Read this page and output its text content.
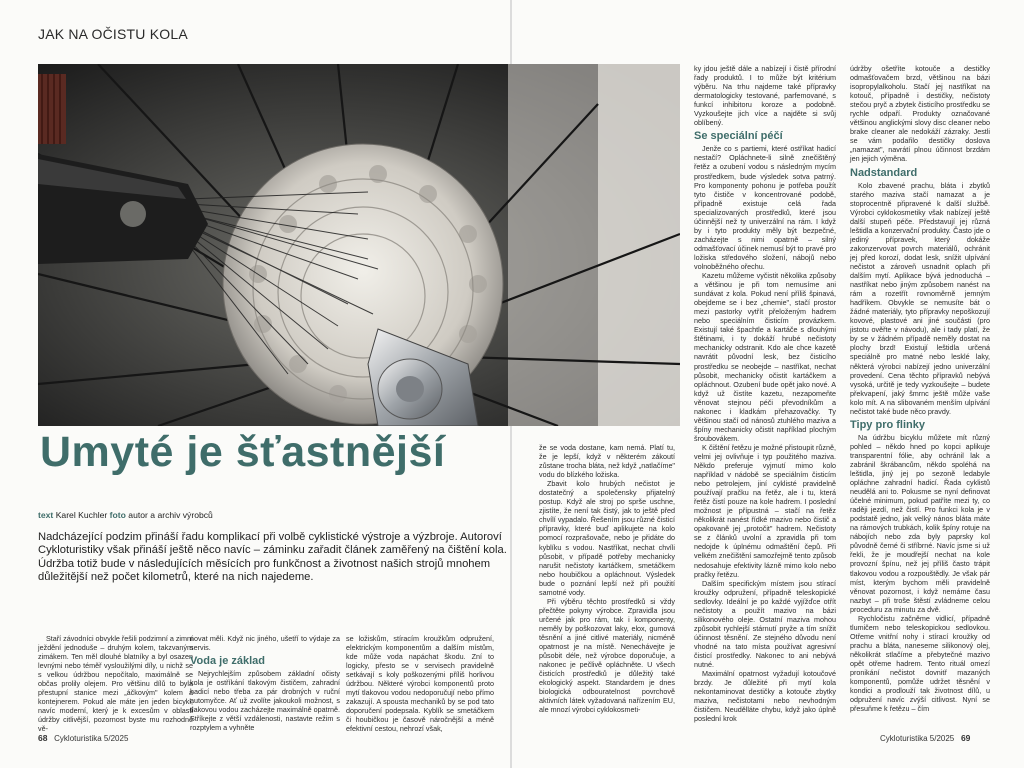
JAK NA OČISTU KOLA
Umyté je šťastnější
text Karel Kuchler foto autor a archiv výrobců
Nadcházející podzim přináší řadu komplikací při volbě cyklistické výstroje a výzbroje. Autoroví Cykloturistiky však přináší ještě něco navíc – záminku zařadit článek zaměřený na čištění kola. Údržba totiž bude v následujících měsících pro funkčnost a životnost našich strojů mnohem důležitější než počet kilometrů, které na nich najedeme.

Staří závodníci obvykle řešili podzimní a zimní ježdění jednoduše – druhým kolem, takzvaným zimákem. Ten měl dlouhé blatníky a byl osazen levnými nebo téměř vysloužilými díly, u nichž se s velkou údržbou nepočítalo, maximálně se občas prolily olejem. Pro většinu dílů to byla přestupní stanice mezi „áčkovým" kolem a kontejnerem. Pokud ale máte jen jeden bicykl, navíc moderní, který je k excesům v oblasti údržby citlivější, pozornost byste mu rozhodně vě-

novat měli. Když nic jiného, ušetří to výdaje za servis.

Voda je základ

Nejrychlejším způsobem základní očisty kola je ostříkání tlakovým čističem, zahradní hadicí nebo třeba za pár drobných v ruční automyčce. Ať už zvolíte jakoukoli možnost, s tlakovou vodou zacházejte maximálně opatrně. Stříkejte z větší vzdálenosti, nastavte režim s rozptylem a vyhněte

se ložiskům, stíracím kroužkům odpružení, elektrickým komponentům a dalším místům, kde může voda napáchat škodu. Zní to logicky, přesto se v servisech pravidelně setkávají s koly poškozenými příliš horlivou údržbou. Některé výrobci komponentů proto mytí tlakovou vodou nedoporučují nebo přímo zakazují. A spousta mechaniků by se pod tato doporučení podepsala. Kyblík se smetáčkem či houbičkou je časově náročnější a méně efektivní cestou, nehrozí však,

že se voda dostane, kam nemá. Platí tu, že je lepší, když v některém zákoutí zůstane trocha bláta, než když „natlačíme" vodu do blízkého ložiska.

Zbavit kolo hrubých nečistot je dostatečný a společensky přijatelný postup. Když ale stroj po sprše uschne, zjistíte, že není tak čistý, jak to ještě před chvílí vypadalo. Řešením jsou různé čisticí přípravky, které buď aplikujete na kolo pomocí rozprašovače, nebo je přidáte do kyblíku s vodou. Nastříkat, nechat chvíli působit, v případě potřeby mechanicky narušit nečistoty kartáčkem, smetáčkem nebo houbičkou a opláchnout. Výsledek bude o poznání lepší než při použití samotné vody.

Při výběru těchto prostředků si vždy přečtěte pokyny výrobce. Zpravidla jsou určené jak pro rám, tak i komponenty, neměly by poškozovat laky, elox, gumová těsnění a jiné citlivé materiály, nicméně opatrnost je na místě. Nenechávejte je působit déle, než výrobce doporučuje, a nakonec je pečlivě opláchněte. U všech čisticích prostředků je důležitý také ekologický aspekt. Standardem je dnes biologická odbouratelnost povrchově aktivních látek vyžadovaná nařízením EU, ale mnozí výrobci cyklokosmeti-

ky jdou ještě dále a nabízejí i čistě přírodní řady produktů. I to může být kritérium výběru. Na trhu najdeme také přípravky dermatologicky testované, parfemované, s funkcí inhibitoru koroze a podobně. Vyzkoušejte jich více a najděte si svůj oblíbený.

Se speciální péčí

Jenže co s partiemi, které ostříkat hadicí nestačí? Opláchnete-li silně znečištěný řetěz a ozubení vodou s následným mycím prostředkem, bude výsledek sotva patrný. Pro komponenty pohonu je potřeba použít tyto čističe v koncentrované podobě, případně existuje celá řada specializovaných prostředků, které jsou účinnější než ty univerzální na rám. I když by i tyto produkty měly být bezpečné, zacházejte s nimi opatrně – silný odmašťovací účinek nemusí být to pravé pro ložiska středového složení, nábojů nebo volnoběžného ořechu.

Kazetu můžeme vyčistit několika způsoby a většinou je při tom nemusíme ani sundávat z kola. Pokud není příliš špinavá, obejdeme se i bez „chemie", stačí prostor mezi pastorky vytřít přeloženým hadrem nebo speciálním čisticím provázkem. Existují také špachtle a kartáče s dlouhými štětinami, i ty dokáží hrubé nečistoty mechanicky odstranit. Kdo ale chce kazetě navrátit původní lesk, bez čisticího prostředku se neobejde – nastříkat, nechat působit, mechanicky očistit kartáčkem a opláchnout. Ozubení bude opět jako nové. A když už čistíte kazetu, nezapomeňte věnovat stejnou péči převodníkům a nakonec i kladkám přehazovačky. Ty většinou stačí od nánosů ztuhlého maziva a špíny mechanicky očistit například plochým šroubovákem.

K čištění řetězu je možné přistoupit různě, velmi jej ovlivňuje i typ použitého maziva. Někdo preferuje vyjmutí mimo kolo například v nádobě se speciálním čisticím nebo petrolejem, jiní cyklisté pravidelně používají pračku na řetěz, ale i tu, která řetěz čistí pouze na kole hadrem. I poslední možnost je přípustná – stačí na řetěz několikrát nanést řídké mazivo nebo čistič a opakovaně jej „protočit" hadrem. Nečistoty se z článků uvolní a zpravidla při tom nedojde k úplnému odmaštění čepů. Při velkém znečištění samozřejmě tento způsob nedosahuje efektivity lázně mimo kolo nebo pračky řetězu.

Dalším specifickým místem jsou stírací kroužky odpružení, případně teleskopické sedlovky. Ideální je po každé vyjížďce otřít nečistoty a použít mazivo na bázi silikonového oleje. Ostatní maziva mohou způsobit rychlejší stárnutí pryže a tím snížit účinnost těsnění. Ze stejného důvodu není vhodné na tato místa používat agresivní čisticí prostředky. Nakonec to ani nebývá nutné.

Maximální opatrnost vyžadují kotoučové brzdy. Je důležité při mytí kola nekontaminovat destičky a kotouče zbytky maziva, nečistotami nebo nevhodným čističem. Neudělláte chybu, když jako úplně poslední krok

údržby ošetříte kotouče a destičky odmašťovačem brzd, většinou na bázi isopropylalkoholu. Stačí jej nastříkat na kotouč, případně i destičky, nečistoty stečou pryč a zbytek čisticího prostředku se rychle odpaří. Produkty označované většinou anglickými slovy disc cleaner nebo brake cleaner ale nedokáží zázraky. Jestli se vám podařilo destičky doslova „namazat", navrátí plnou účinnost brzdám jen jejich výměna.

Nadstandard

Kolo zbavené prachu, bláta i zbytků starého maziva stačí namazat a je stoprocentně připravené k další službě. Výrobci cyklokosmetiky však nabízejí ještě další stupeň péče. Představují jej různá leštidla a konzervační produkty. Často jde o jediný přípravek, který dokáže zakonzervovat povrch materiálů, ochránit jej před korozí, dodat lesk, snížit ulpívání nečistot a zároveň usnadnit oplach při dalším mytí. Aplikace bývá jednoduchá – nastříkat nebo jiným způsobem nanést na rám a rozetřít rovnoměrně jemným hadříkem. Obvykle se nemusíte bát o žádné materiály, tyto přípravky nepoškozují kovové, plastové ani jiné součásti (pro jistotu ověřte v návodu), ale i tady platí, že by se v žádném případě neměly dostat na plochy brzd! Existují leštidla určená speciálně pro matné nebo lesklé laky, některá výrobci nabízejí jedno univerzální provedení. Cena těchto přípravků nebývá vysoká, určitě je tedy vyzkoušejte – budete překvapení, jaký šmrnc ještě může vaše kolo mít. A na slibovaném menším ulpívání nečistot také bude něco pravdy.

Tipy pro flinky

Na údržbu bicyklu můžete mít různý pohled – někdo hned po kopci aplikuje transparentní fólie, aby ochránil lak a zabránil škrábancům, někdo spoléhá na leštidla, jiný jej po sezoně ledabyle opláchne zahradní hadicí. Řada cyklistů neudělá ani to. Pokusme se nyní definovat účelné minimum, pokud patříte mezi ty, co raději jezdí, než čistí. Pro funkci kola je v podstatě jedno, jak velký nános bláta máte na rámových trubkách, kolik špíny rotuje na nábojích nebo zda byly paprsky kol původně černé či stříbrné. Navíc jsme si už řekli, že je moudřejší nechat na kole provozní špínu, než jej příliš často trápit tlakovou vodou a rozpouštědly. Je však pár míst, kterým bychom měli pravidelně věnovat pozornost, i když nemáme času nazbyt – při troše štěstí zvládneme celou proceduru za minutu za dvě.

Rychločistu začněme vidlicí, případně tlumičem nebo teleskopickou sedlovkou. Otřeme vnitřní nohy i stírací kroužky od prachu a bláta, naneseme silikonový olej, několikrát stlačíme a přebytečné mazivo opět otřeme hadrem. Tento rituál omezí pronikání nečistot dovnitř mazaných komponentů, pomůže udržet těsnění v kondici a prodlouží tak životnost dílů, u odpružení navíc zvýší citlivost. Nyní se přesuňme k řetězu – čím

68 Cykloturistika 5/2025	Cykloturistika 5/2025 69
